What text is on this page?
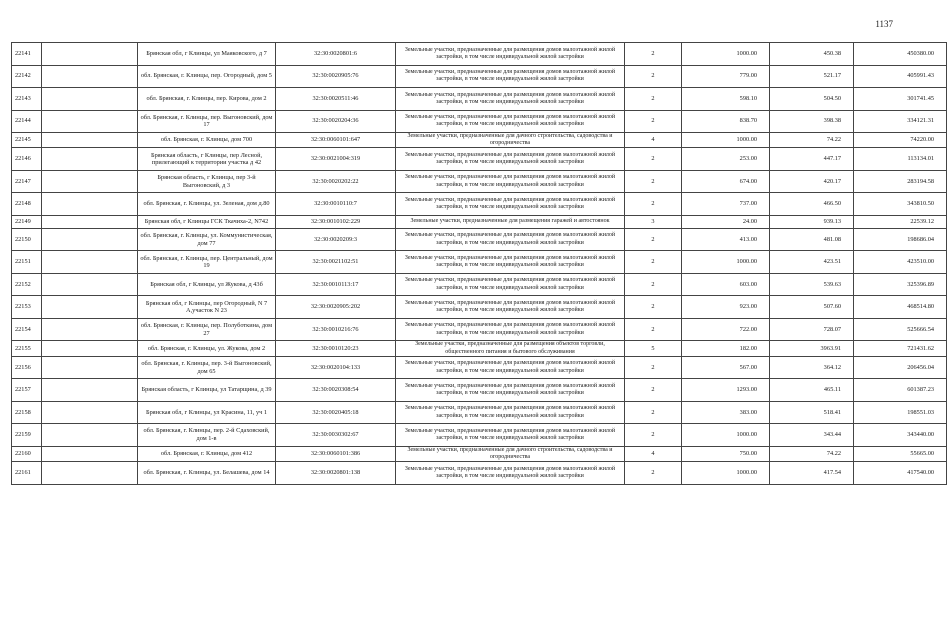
1137
22141		Брянская обл, г Клинцы, ул Маяковского, д 7	32:30:0020801:6	Земельные участки, предназначенные для размещения домов малоэтажной жилой застройки, в том числе индивидуальной жилой застройки	2	1000.00	450.38	450380.00
22142		обл. Брянская, г. Клинцы, пер. Огородный, дом 5	32:30:0020905:76	Земельные участки, предназначенные для размещения домов малоэтажной жилой застройки, в том числе индивидуальной жилой застройки	2	779.00	521.17	405991.43
22143		обл. Брянская, г. Клинцы, пер. Кирова, дом 2	32:30:0020511:46	Земельные участки, предназначенные для размещения домов малоэтажной жилой застройки, в том числе индивидуальной жилой застройки	2	598.10	504.50	301741.45
22144		обл. Брянская, г. Клинцы, пер. Выгоновский, дом 17	32:30:0020204:36	Земельные участки, предназначенные для размещения домов малоэтажной жилой застройки, в том числе индивидуальной жилой застройки	2	838.70	398.38	334121.31
22145		обл. Брянская, г. Клинцы, дом 700	32:30:0060101:647	Земельные участки, предназначенные для дачного строительства, садоводства и огородничества	4	1000.00	74.22	74220.00
22146		Брянская область, г Клинцы, пер Лесной, прилегающий к территории участка д 42	32:30:0021004:319	Земельные участки, предназначенные для размещения домов малоэтажной жилой застройки, в том числе индивидуальной жилой застройки	2	253.00	447.17	113134.01
22147		Брянская область, г Клинцы, пер 3-й Выгоновский, д 3	32:30:0020202:22	Земельные участки, предназначенные для размещения домов малоэтажной жилой застройки, в том числе индивидуальной жилой застройки	2	674.00	420.17	283194.58
22148		обл. Брянская, г. Клинцы, ул. Зеленая, дом д.80	32:30:0010110:7	Земельные участки, предназначенные для размещения домов малоэтажной жилой застройки, в том числе индивидуальной жилой застройки	2	737.00	466.50	343810.50
22149		Брянская обл, г Клинцы ГСК Ткачиха-2, N742	32:30:0010102:229	Земельные участки, предназначенные для размещения гаражей и автостоянок	3	24.00	939.13	22539.12
22150		обл. Брянская, г. Клинцы, ул. Коммунистическая, дом 77	32:30:0020209:3	Земельные участки, предназначенные для размещения домов малоэтажной жилой застройки, в том числе индивидуальной жилой застройки	2	413.00	481.08	198686.04
22151		обл. Брянская, г. Клинцы, пер. Центральный, дом 19	32:30:0021102:51	Земельные участки, предназначенные для размещения домов малоэтажной жилой застройки, в том числе индивидуальной жилой застройки	2	1000.00	423.51	423510.00
22152		Брянская обл, г Клинцы, ул Жукова, д 43б	32:30:0010113:17	Земельные участки, предназначенные для размещения домов малоэтажной жилой застройки, в том числе индивидуальной жилой застройки	2	603.00	539.63	325396.89
22153		Брянская обл, г Клинцы, пер Огородный, N 7 А,участок N 23	32:30:0020905:202	Земельные участки, предназначенные для размещения домов малоэтажной жилой застройки, в том числе индивидуальной жилой застройки	2	923.00	507.60	468514.80
22154		обл. Брянская, г. Клинцы, пер. Полуботкина, дом 27	32:30:0010216:76	Земельные участки, предназначенные для размещения домов малоэтажной жилой застройки, в том числе индивидуальной жилой застройки	2	722.00	728.07	525666.54
22155		обл. Брянская, г. Клинцы, ул. Жукова, дом 2	32:30:0010120:23	Земельные участки, предназначенные для размещения объектов торговли, общественного питания и бытового обслуживания	5	182.00	3963.91	721431.62
22156		обл. Брянская, г. Клинцы, пер. 3-й Выгоновский, дом 65	32:30:0020104:133	Земельные участки, предназначенные для размещения домов малоэтажной жилой застройки, в том числе индивидуальной жилой застройки	2	567.00	364.12	206456.04
22157		Брянская область, г Клинцы, ул Татарщина, д 39	32:30:0020308:54	Земельные участки, предназначенные для размещения домов малоэтажной жилой застройки, в том числе индивидуальной жилой застройки	2	1293.00	465.11	601387.23
22158		Брянская обл, г Клинцы, ул Красина, 11, уч 1	32:30:0020405:18	Земельные участки, предназначенные для размещения домов малоэтажной жилой застройки, в том числе индивидуальной жилой застройки	2	383.00	518.41	198551.03
22159		обл. Брянская, г. Клинцы, пер. 2-й Сдаховский, дом 1-в	32:30:0030302:67	Земельные участки, предназначенные для размещения домов малоэтажной жилой застройки, в том числе индивидуальной жилой застройки	2	1000.00	343.44	343440.00
22160		обл. Брянская, г. Клинцы, дом 412	32:30:0060101:386	Земельные участки, предназначенные для дачного строительства, садоводства и огородничества	4	750.00	74.22	55665.00
22161		обл. Брянская, г. Клинцы, ул. Белашева, дом 14	32:30:0020801:138	Земельные участки, предназначенные для размещения домов малоэтажной жилой застройки, в том числе индивидуальной жилой застройки	2	1000.00	417.54	417540.00
